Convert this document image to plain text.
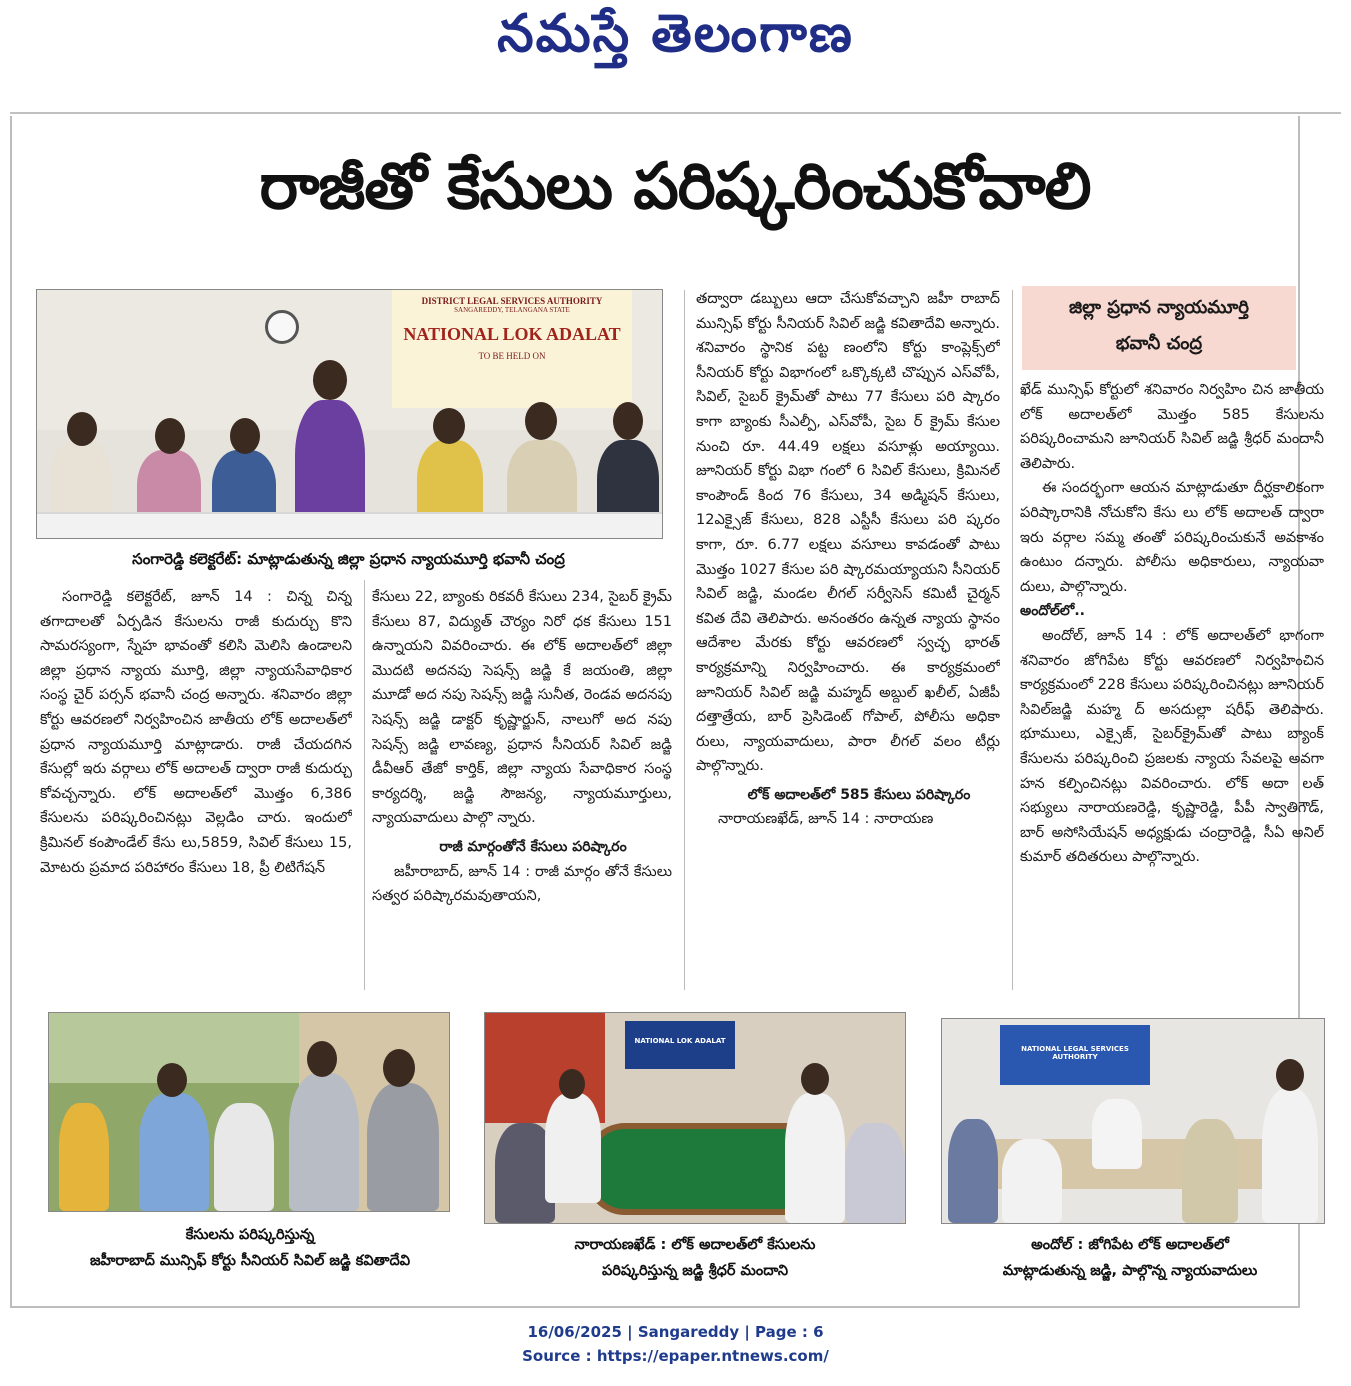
నమస్తే తెలంగాణ
రాజీతో కేసులు పరిష్కరించుకోవాలి
DISTRICT LEGAL SERVICES AUTHORITY
SANGAREDDY, TELANGANA STATE
NATIONAL LOK ADALAT
TO BE HELD ON
సంగారెడ్డి కలెక్టరేట్: మాట్లాడుతున్న జిల్లా ప్రధాన న్యాయమూర్తి భవానీ చంద్ర
జిల్లా ప్రధాన న్యాయమూర్తి
భవానీ చంద్ర

సంగారెడ్డి కలెక్టరేట్, జూన్ 14 : చిన్న చిన్న తగాదాలతో ఏర్పడిన కేసులను రాజీ కుదుర్చు కొని సామరస్యంగా, స్నేహ భావంతో కలిసి మెలిసి ఉండాలని జిల్లా ప్రధాన న్యాయ మూర్తి, జిల్లా న్యాయసేవాధికార సంస్థ చైర్‌ పర్సన్ భవానీ చంద్ర అన్నారు. శనివారం జిల్లా కోర్టు ఆవరణలో నిర్వహించిన జాతీయ లోక్ అదాలత్‌లో ప్రధాన న్యాయమూర్తి మాట్లాడారు. రాజీ చేయదగిన కేసుల్లో ఇరు వర్గాలు లోక్ అదాలత్ ద్వారా రాజీ కుదుర్చు కోవచ్చన్నారు. లోక్ అదాలత్‌లో మొత్తం 6,386 కేసులను పరిష్కరించినట్లు వెల్లడిం చారు. ఇందులో క్రిమినల్ కంపౌండేల్ కేసు లు,5859, సివిల్ కేసులు 15, మోటరు ప్రమాద పరిహారం కేసులు 18, ప్రీ లిటిగేషన్

కేసులు 22, బ్యాంకు రికవరీ కేసులు 234, సైబర్ క్రైమ్ కేసులు 87, విద్యుత్ చౌర్యం నిరో ధక కేసులు 151 ఉన్నాయని వివరించారు. ఈ లోక్ అదాలత్‌లో జిల్లా మొదటి అదనపు సెషన్స్ జడ్జి కే జయంతి, జిల్లా మూడో అద నపు సెషన్స్ జడ్జి సునీత, రెండవ అదనపు సెషన్స్ జడ్జి డాక్టర్ కృష్ణార్జున్, నాలుగో అద నపు సెషన్స్ జడ్జి లావణ్య, ప్రధాన సీనియర్ సివిల్ జడ్జి డీవీఆర్ తేజో కార్తిక్, జిల్లా న్యాయ సేవాధికార సంస్థ కార్యదర్శి, జడ్జి సౌజన్య, న్యాయమూర్తులు, న్యాయవాదులు పాల్గొ న్నారు.

రాజీ మార్గంతోనే కేసులు పరిష్కారం

జహీరాబాద్, జూన్ 14 : రాజీ మార్గం తోనే కేసులు సత్వర పరిష్కారమవుతాయని,

తద్వారా డబ్బులు ఆదా చేసుకోవచ్చాని జహీ రాబాద్ మున్సిఫ్ కోర్టు సీనియర్ సివిల్ జడ్జి కవితాదేవి అన్నారు. శనివారం స్థానిక పట్ట ణంలోని కోర్టు కాంప్లెక్స్‌లో సీనియర్ కోర్టు విభాగంలో ఒక్కొక్కటి చొప్పున ఎస్‌వోపీ, సివిల్, సైబర్ క్రైమ్‌తో పాటు 77 కేసులు పరి ష్కారం కాగా బ్యాంకు సీఎల్పీ, ఎస్‌వోపీ, సైబ ర్ క్రైమ్ కేసుల నుంచి రూ. 44.49 లక్షలు వసూళ్లు అయ్యాయి. జూనియర్ కోర్టు విభా గంలో 6 సివిల్ కేసులు, క్రిమినల్ కాంపౌండ్ కింద 76 కేసులు, 34 అడ్మిషన్ కేసులు, 12ఎక్సైజ్ కేసులు, 828 ఎస్టీసీ కేసులు పరి ష్కరం కాగా, రూ. 6.77 లక్షలు వసూలు కావడంతో పాటు మొత్తం 1027 కేసుల పరి ష్కారమయ్యాయని సీనియర్ సివిల్ జడ్జి, మండల లీగల్ సర్వీసెస్ కమిటీ చైర్మన్ కవిత దేవి తెలిపారు. అనంతరం ఉన్నత న్యాయ స్థానం ఆదేశాల మేరకు కోర్టు ఆవరణలో స్వచ్ఛ భారత్ కార్యక్రమాన్ని నిర్వహించారు. ఈ కార్యక్రమంలో జూనియర్ సివిల్ జడ్జి మహ్మద్ అబ్దుల్ ఖలీల్, ఏజీపీ దత్తాత్రేయ, బార్ ప్రెసిడెంట్ గోపాల్, పోలీసు అధికా రులు, న్యాయవాదులు, పారా లీగల్ వలం టీర్లు పాల్గొన్నారు.

లోక్ అదాలత్‌లో 585 కేసులు పరిష్కారం

నారాయణఖేడ్, జూన్ 14 : నారాయణ

ఖేడ్ మున్సిఫ్ కోర్టులో శనివారం నిర్వహిం చిన జాతీయ లోక్ అదాలత్‌లో మొత్తం 585 కేసులను పరిష్కరించామని జూనియర్ సివిల్ జడ్జి శ్రీధర్ మందానీ తెలిపారు.

ఈ సందర్భంగా ఆయన మాట్లాడుతూ దీర్ఘకాలికంగా పరిష్కారానికి నోచుకోని కేసు లు లోక్ అదాలత్ ద్వారా ఇరు వర్గాల సమ్మ తంతో పరిష్కరించుకునే అవకాశం ఉంటుం దన్నారు. పోలీసు అధికారులు, న్యాయవా దులు, పాల్గొన్నారు.

అందోల్‌లో..

అందోల్, జూన్ 14 : లోక్ అదాలత్‌లో భాగంగా శనివారం జోగిపేట కోర్టు ఆవరణలో నిర్వహించిన కార్యక్రమంలో 228 కేసులు పరిష్కరించినట్లు జూనియర్ సివిల్‌జడ్జి మహ్మ ద్ అసదుల్లా షరీఫ్ తెలిపారు. భూములు, ఎక్సైజ్, సైబర్‌క్రైమ్‌తో పాటు బ్యాంక్ కేసులను పరిష్కరించి ప్రజలకు న్యాయ సేవలపై అవగా హన కల్పించినట్లు వివరించారు. లోక్ అదా లత్ సభ్యులు నారాయణరెడ్డి, కృష్ణారెడ్డి, పీపీ స్వాతిగౌడ్, బార్ అసోసియేషన్ అధ్యక్షుడు చంద్రారెడ్డి, సీఏ అనిల్ కుమార్ తదితరులు పాల్గొన్నారు.

కేసులను పరిష్కరిస్తున్న
జహీరాబాద్ మున్సిఫ్ కోర్టు సీనియర్ సివిల్ జడ్జి కవితాదేవి
NATIONAL LOK ADALAT
నారాయణఖేడ్ : లోక్ అదాలత్‌లో కేసులను
పరిష్కరిస్తున్న జడ్జి శ్రీధర్ మందాని
NATIONAL LEGAL SERVICES AUTHORITY
అందోల్ : జోగిపేట లోక్ అదాలత్‌లో
మాట్లాడుతున్న జడ్జి, పాల్గొన్న న్యాయవాదులు
16/06/2025 | Sangareddy | Page : 6
Source : https://epaper.ntnews.com/
